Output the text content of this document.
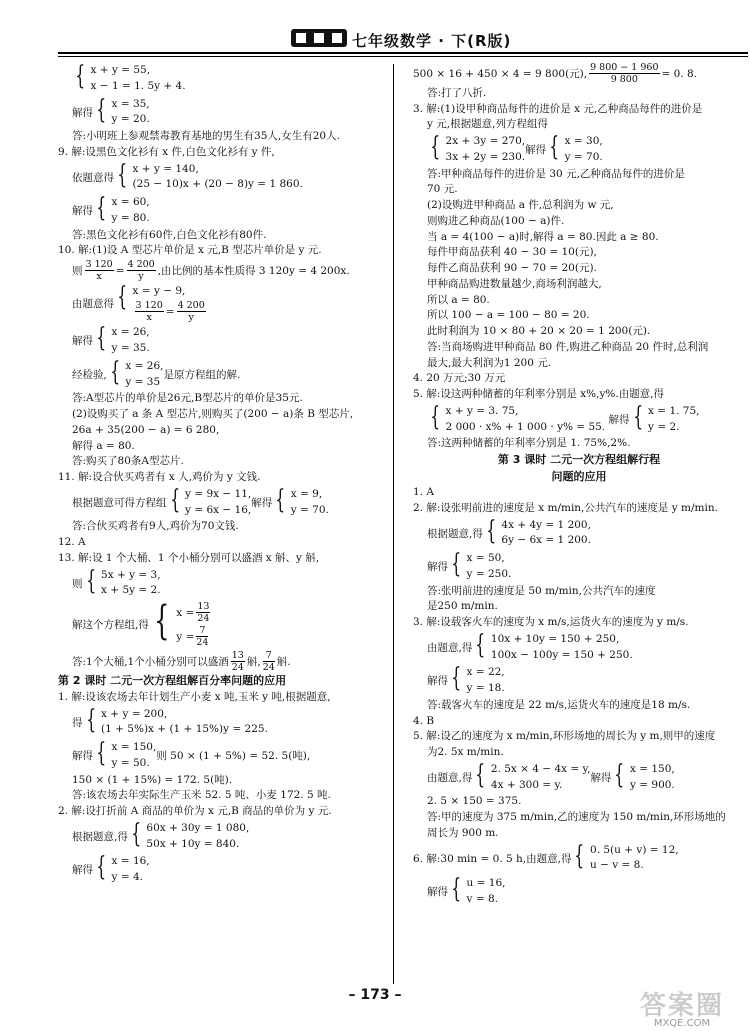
七年级数学 · 下(R版)
{ x + y = 55,
x − 1 = 1. 5y + 4.
解得 { x = 35,
y = 20.
答:小明班上参观禁毒教育基地的男生有35人,女生有20人.
9. 解:设黑色文化衫有 x 件,白色文化衫有 y 件,
依题意得 { x + y = 140,
(25 − 10)x + (20 − 8)y = 1 860.
解得 { x = 60,
y = 80.
答:黑色文化衫有60件,白色文化衫有80件.
10. 解:(1)设 A 型芯片单价是 x 元,B 型芯片单价是 y 元.
则 $\frac{3 120}{x} = \frac{4 200}{y}$ ,由比例的基本性质得 3 120y = 4 200x.
由题意得 { x = y − 9,
$\frac{3 120}{x} = \frac{4 200}{y}$
解得 { x = 26,
y = 35.
经检验, { x = 26,
y = 35
是原方程组的解.
答:A型芯片的单价是26元,B型芯片的单价是35元.
(2)设购买了 a 条 A 型芯片,则购买了(200 − a)条 B 型芯片,
26a + 35(200 − a) = 6 280,
解得 a = 80.
答:购买了80条A型芯片.
11. 解:设合伙买鸡者有 x 人,鸡价为 y 文钱.
根据题意可得方程组 { y = 9x − 11,
y = 6x − 16,
解得 { x = 9,
y = 70.
答:合伙买鸡者有9人,鸡价为70文钱.
12. A
13. 解:设 1 个大桶、1 个小桶分别可以盛酒 x 斛、y 斛,
则 { 5x + y = 3,
x + 5y = 2.
解这个方程组,得 { $x = \frac{13}{24}$
$y = \frac{7}{24}$
答:1个大桶,1个小桶分别可以盛酒 $\frac{13}{24}$ 斛, $\frac{7}{24}$ 斛.
第 2 课时 二元一次方程组解百分率问题的应用
1. 解:设该农场去年计划生产小麦 x 吨,玉米 y 吨,根据题意,
得 { x + y = 200,
(1 + 5%)x + (1 + 15%)y = 225.
解得 { x = 150,
y = 50.
则 50 × (1 + 5%) = 52. 5(吨),
150 × (1 + 15%) = 172. 5(吨).
答:该农场去年实际生产玉米 52. 5 吨、小麦 172. 5 吨.
2. 解:设打折前 A 商品的单价为 x 元,B 商品的单价为 y 元.
根据题意,得 { 60x + 30y = 1 080,
50x + 10y = 840.
解得 { x = 16,
y = 4.
500 × 16 + 450 × 4 = 9 800(元), $\frac{9 800 - 1 960}{9 800} = 0$. 8.
答:打了八折.
3. 解:(1)设甲种商品每件的进价是 x 元,乙种商品每件的进价是
y 元,根据题意,列方程组得
{ 2x + 3y = 270,
3x + 2y = 230.
解得 { x = 30,
y = 70.
答:甲种商品每件的进价是 30 元,乙种商品每件的进价是
70 元.
(2)设购进甲种商品 a 件,总利润为 w 元,
则购进乙种商品(100 − a)件.
当 a = 4(100 − a)时,解得 a = 80.因此 a ≥ 80.
每件甲商品获利 40 − 30 = 10(元),
每件乙商品获利 90 − 70 = 20(元).
甲种商品购进数量越少,商场利润越大,
所以 a = 80.
所以 100 − a = 100 − 80 = 20.
此时利润为 10 × 80 + 20 × 20 = 1 200(元).
答:当商场购进甲种商品 80 件,购进乙种商品 20 件时,总利润
最大,最大利润为1 200 元.
4. 20 万元;30 万元
5. 解:设这两种储蓄的年利率分别是 x%,y%.由题意,得
{ x + y = 3. 75,
2 000 · x% + 1 000 · y% = 55.
解得 { x = 1. 75,
y = 2.
答:这两种储蓄的年利率分别是 1. 75%,2%.
第 3 课时 二元一次方程组解行程
问题的应用
1. A
2. 解:设张明前进的速度是 x m/min,公共汽车的速度是 y m/min.
根据题意,得 { 4x + 4y = 1 200,
6y − 6x = 1 200.
解得 { x = 50,
y = 250.
答:张明前进的速度是 50 m/min,公共汽车的速度
是250 m/min.
3. 解:设载客火车的速度为 x m/s,运货火车的速度为 y m/s.
由题意,得 { 10x + 10y = 150 + 250,
100x − 100y = 150 + 250.
解得 { x = 22,
y = 18.
答:载客火车的速度是 22 m/s,运货火车的速度是18 m/s.
4. B
5. 解:设乙的速度为 x m/min,环形场地的周长为 y m,则甲的速度
为2. 5x m/min.
由题意,得 { 2. 5x × 4 − 4x = y,
4x + 300 = y.
解得 { x = 150,
y = 900.
2. 5 × 150 = 375.
答:甲的速度为 375 m/min,乙的速度为 150 m/min,环形场地的
周长为 900 m.
6. 解:30 min = 0. 5 h,由题意,得 { 0. 5(u + v) = 12,
u − v = 8.
解得 { u = 16,
v = 8.
– 173 –	答案圈
MXQE.COM
